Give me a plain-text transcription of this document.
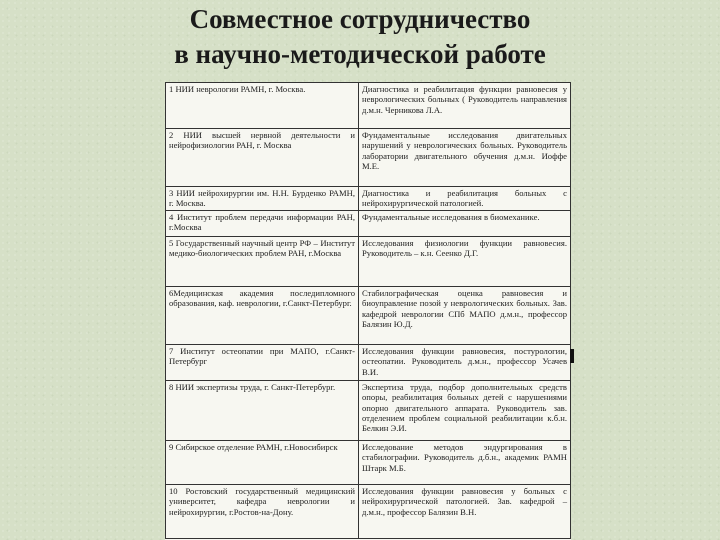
Совместное сотрудничество
в научно-методической работе
1 НИИ неврологии РАМН, г. Москва.	Диагностика и реабилитация функции равновесия у неврологических больных ( Руководитель направления д.м.н. Черникова Л.А.
2 НИИ высшей нервной деятельности и нейрофизиологии РАН, г. Москва	Фундаментальные исследования двигательных нарушений у неврологических больных. Руководитель лаборатории двигательного обучения д.м.н. Иоффе М.Е.
3 НИИ нейрохирургии им. Н.Н. Бурденко РАМН, г. Москва.	Диагностика и реабилитация больных с нейрохирургической патологией.
4 Институт проблем передачи информации РАН, г.Москва	Фундаментальные исследования в биомеханике.
5 Государственный научный центр РФ – Институт медико-биологических проблем РАН, г.Москва	Исследования физиологии функции равновесия. Руководитель – к.н. Сеенко Д.Г.
6Медицинская академия последипломного образования, каф. неврологии, г.Санкт-Петербург.	Стабилографическая оценка равновесия и биоуправление позой у неврологических больных. Зав. кафедрой неврологии СПб МАПО д.м.н., профессор Балязин Ю.Д.
7 Институт остеопатии при МАПО, г.Санкт-Петербург	Исследования функции равновесия, постурологии, остеопатии. Руководитель д.м.н., профессор Усачев В.И.
8 НИИ экспертизы труда, г. Санкт-Петербург.	Экспертиза труда, подбор дополнительных средств опоры, реабилитация больных детей с нарушениями опорно двигательного аппарата. Руководитель зав. отделением проблем социальной реабилитации к.б.н. Белкин Э.И.
9 Сибирское отделение РАМН, г.Новосибирск	Исследование методов эндургирования в стабилографии. Руководитель д.б.н., академик РАМН Штарк М.Б.
10 Ростовский государственный медицинский университет, кафедра неврологии и нейрохирургии, г.Ростов-на-Дону.	Исследования функции равновесия у больных с нейрохирургической патологией. Зав. кафедрой – д.м.н., профессор Балязин В.Н.
